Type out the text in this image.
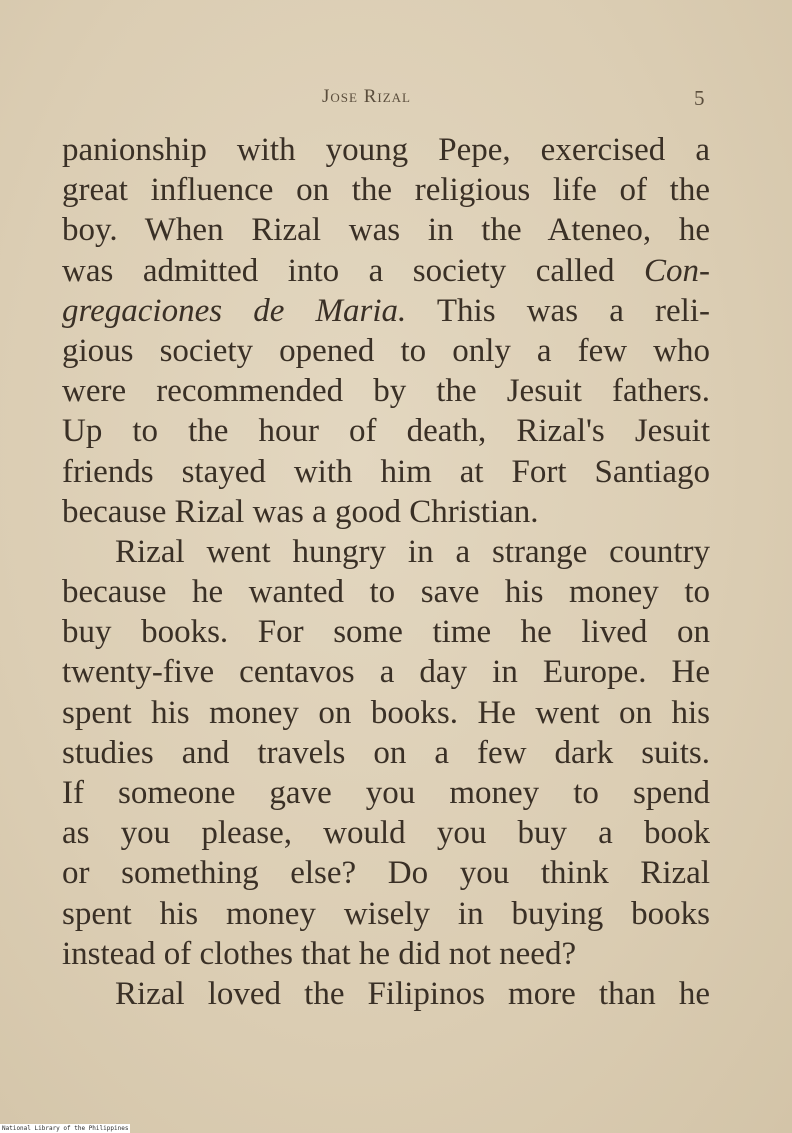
Jose Rizal	5
panionship with young Pepe, exercised a
great influence on the religious life of the
boy. When Rizal was in the Ateneo, he
was admitted into a society called Con-
gregaciones de Maria. This was a reli-
gious society opened to only a few who
were recommended by the Jesuit fathers.
Up to the hour of death, Rizal's Jesuit
friends stayed with him at Fort Santiago
because Rizal was a good Christian.
Rizal went hungry in a strange country
because he wanted to save his money to
buy books. For some time he lived on
twenty-five centavos a day in Europe. He
spent his money on books. He went on his
studies and travels on a few dark suits.
If someone gave you money to spend
as you please, would you buy a book
or something else? Do you think Rizal
spent his money wisely in buying books
instead of clothes that he did not need?
Rizal loved the Filipinos more than he
National Library of the Philippines
